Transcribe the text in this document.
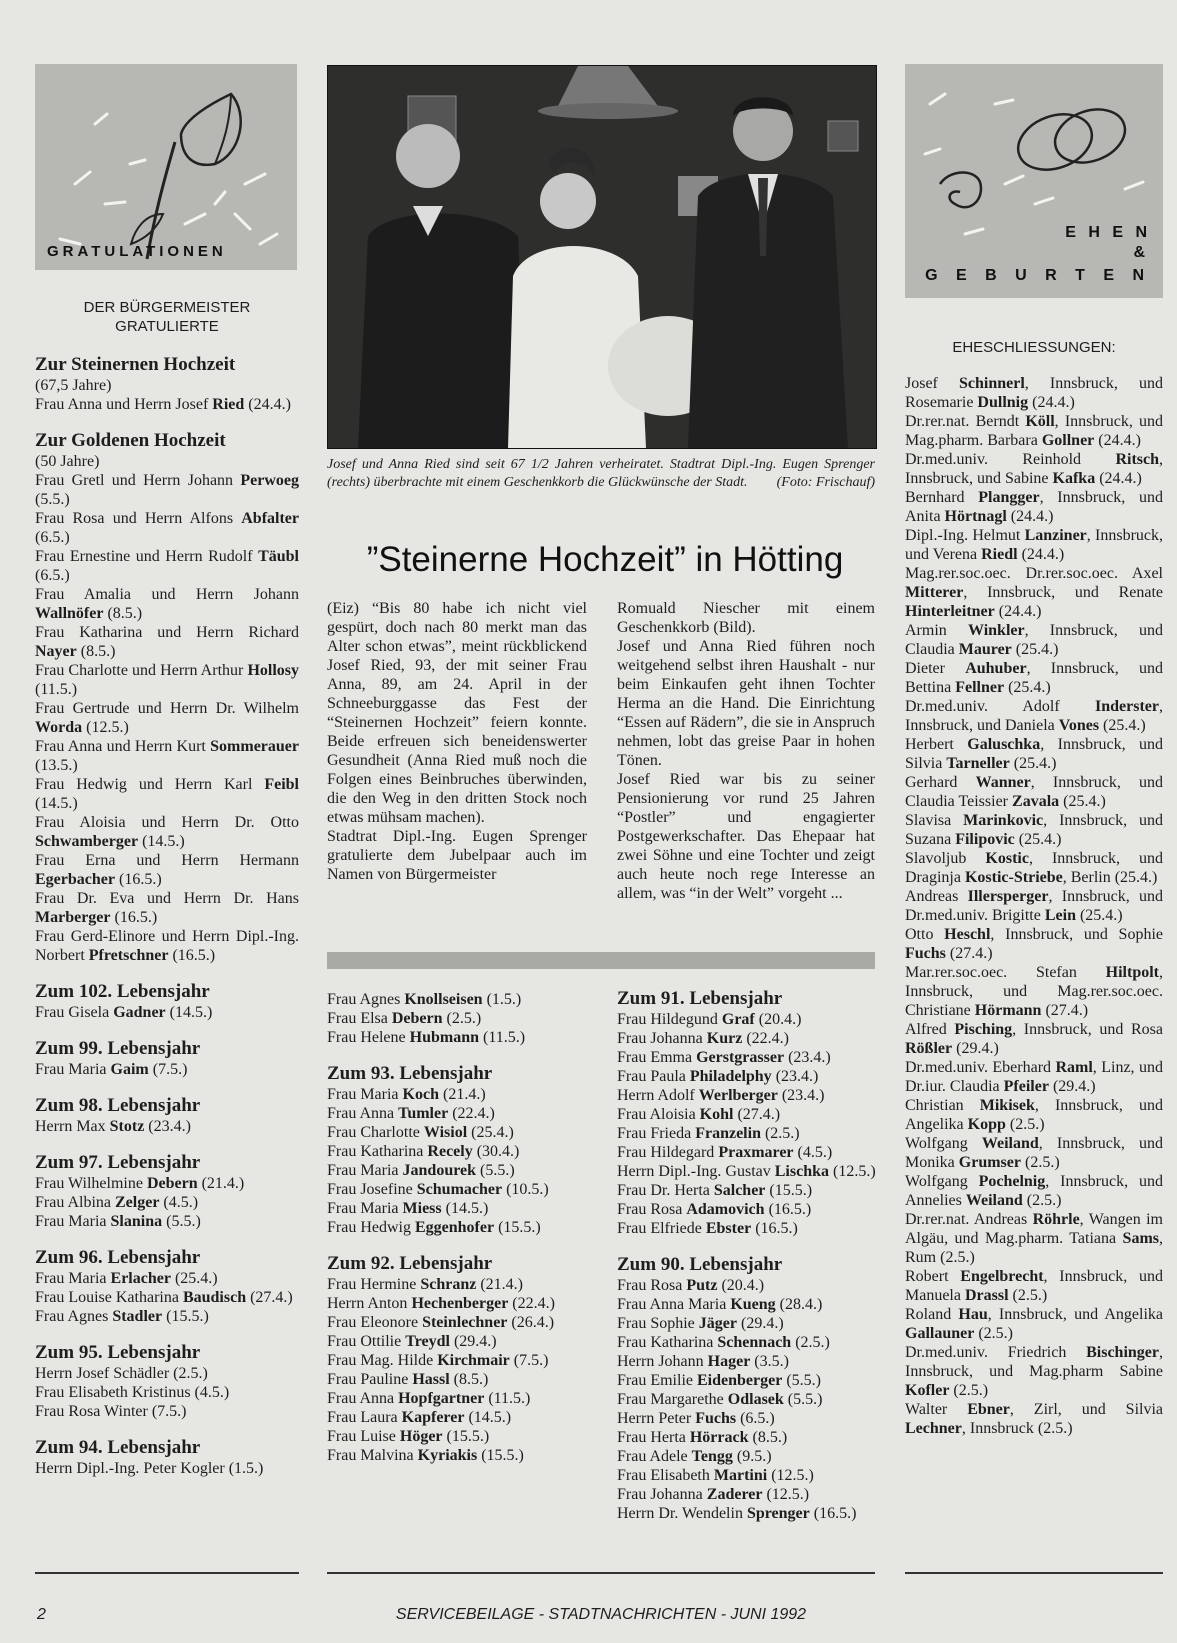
GRATULATIONEN
E H E N
&
G E B U R T E N
Josef und Anna Ried sind seit 67 1/2 Jahren verheiratet. Stadtrat Dipl.-Ing. Eugen Sprenger (rechts) überbrachte mit einem Geschenkkorb die Glückwünsche der Stadt. (Foto: Frischauf)
”Steinerne Hochzeit” in Hötting

(Eiz) “Bis 80 habe ich nicht viel gespürt, doch nach 80 merkt man das Alter schon etwas”, meint rückblickend Josef Ried, 93, der mit seiner Frau Anna, 89, am 24. April in der Schneeburggasse das Fest der “Steinernen Hochzeit” feiern konnte. Beide erfreuen sich beneidenswerter Gesundheit (Anna Ried muß noch die Folgen eines Beinbruches überwinden, die den Weg in den dritten Stock noch etwas mühsam machen).

Stadtrat Dipl.-Ing. Eugen Sprenger gratulierte dem Jubelpaar auch im Namen von Bürgermeister

Romuald Niescher mit einem Geschenkkorb (Bild).

Josef und Anna Ried führen noch weitgehend selbst ihren Haushalt - nur beim Einkaufen geht ihnen Tochter Herma an die Hand. Die Einrichtung “Essen auf Rädern”, die sie in Anspruch nehmen, lobt das greise Paar in hohen Tönen.

Josef Ried war bis zu seiner Pensionierung vor rund 25 Jahren “Postler” und engagierter Postgewerkschafter. Das Ehepaar hat zwei Söhne und eine Tochter und zeigt auch heute noch rege Interesse an allem, was “in der Welt” vorgeht ...

DER BÜRGERMEISTER
GRATULIERTE

Zur Steinernen Hochzeit

(67,5 Jahre)

Frau Anna und Herrn Josef Ried (24.4.)

Zur Goldenen Hochzeit

(50 Jahre)

Frau Gretl und Herrn Johann Perwoeg (5.5.)

Frau Rosa und Herrn Alfons Abfalter (6.5.)

Frau Ernestine und Herrn Rudolf Täubl (6.5.)

Frau Amalia und Herrn Johann Wallnöfer (8.5.)

Frau Katharina und Herrn Richard Nayer (8.5.)

Frau Charlotte und Herrn Arthur Hollosy (11.5.)

Frau Gertrude und Herrn Dr. Wilhelm Worda (12.5.)

Frau Anna und Herrn Kurt Sommerauer (13.5.)

Frau Hedwig und Herrn Karl Feibl (14.5.)

Frau Aloisia und Herrn Dr. Otto Schwamberger (14.5.)

Frau Erna und Herrn Hermann Egerbacher (16.5.)

Frau Dr. Eva und Herrn Dr. Hans Marberger (16.5.)

Frau Gerd-Elinore und Herrn Dipl.-Ing. Norbert Pfretschner (16.5.)

Zum 102. Lebensjahr

Frau Gisela Gadner (14.5.)

Zum 99. Lebensjahr

Frau Maria Gaim (7.5.)

Zum 98. Lebensjahr

Herrn Max Stotz (23.4.)

Zum 97. Lebensjahr

Frau Wilhelmine Debern (21.4.)

Frau Albina Zelger (4.5.)

Frau Maria Slanina (5.5.)

Zum 96. Lebensjahr

Frau Maria Erlacher (25.4.)

Frau Louise Katharina Baudisch (27.4.)

Frau Agnes Stadler (15.5.)

Zum 95. Lebensjahr

Herrn Josef Schädler (2.5.)

Frau Elisabeth Kristinus (4.5.)

Frau Rosa Winter (7.5.)

Zum 94. Lebensjahr

Herrn Dipl.-Ing. Peter Kogler (1.5.)

Frau Agnes Knollseisen (1.5.)

Frau Elsa Debern (2.5.)

Frau Helene Hubmann (11.5.)

Zum 93. Lebensjahr

Frau Maria Koch (21.4.)

Frau Anna Tumler (22.4.)

Frau Charlotte Wisiol (25.4.)

Frau Katharina Recely (30.4.)

Frau Maria Jandourek (5.5.)

Frau Josefine Schumacher (10.5.)

Frau Maria Miess (14.5.)

Frau Hedwig Eggenhofer (15.5.)

Zum 92. Lebensjahr

Frau Hermine Schranz (21.4.)

Herrn Anton Hechenberger (22.4.)

Frau Eleonore Steinlechner (26.4.)

Frau Ottilie Treydl (29.4.)

Frau Mag. Hilde Kirchmair (7.5.)

Frau Pauline Hassl (8.5.)

Frau Anna Hopfgartner (11.5.)

Frau Laura Kapferer (14.5.)

Frau Luise Höger (15.5.)

Frau Malvina Kyriakis (15.5.)

Zum 91. Lebensjahr

Frau Hildegund Graf (20.4.)

Frau Johanna Kurz (22.4.)

Frau Emma Gerstgrasser (23.4.)

Frau Paula Philadelphy (23.4.)

Herrn Adolf Werlberger (23.4.)

Frau Aloisia Kohl (27.4.)

Frau Frieda Franzelin (2.5.)

Frau Hildegard Praxmarer (4.5.)

Herrn Dipl.-Ing. Gustav Lischka (12.5.)

Frau Dr. Herta Salcher (15.5.)

Frau Rosa Adamovich (16.5.)

Frau Elfriede Ebster (16.5.)

Zum 90. Lebensjahr

Frau Rosa Putz (20.4.)

Frau Anna Maria Kueng (28.4.)

Frau Sophie Jäger (29.4.)

Frau Katharina Schennach (2.5.)

Herrn Johann Hager (3.5.)

Frau Emilie Eidenberger (5.5.)

Frau Margarethe Odlasek (5.5.)

Herrn Peter Fuchs (6.5.)

Frau Herta Hörrack (8.5.)

Frau Adele Tengg (9.5.)

Frau Elisabeth Martini (12.5.)

Frau Johanna Zaderer (12.5.)

Herrn Dr. Wendelin Sprenger (16.5.)

EHESCHLIESSUNGEN:

Josef Schinnerl, Innsbruck, und Rosemarie Dullnig (24.4.)

Dr.rer.nat. Berndt Köll, Innsbruck, und Mag.pharm. Barbara Gollner (24.4.)

Dr.med.univ. Reinhold Ritsch, Innsbruck, und Sabine Kafka (24.4.)

Bernhard Plangger, Innsbruck, und Anita Hörtnagl (24.4.)

Dipl.-Ing. Helmut Lanziner, Innsbruck, und Verena Riedl (24.4.)

Mag.rer.soc.oec. Dr.rer.soc.oec. Axel Mitterer, Innsbruck, und Renate Hinterleitner (24.4.)

Armin Winkler, Innsbruck, und Claudia Maurer (25.4.)

Dieter Auhuber, Innsbruck, und Bettina Fellner (25.4.)

Dr.med.univ. Adolf Inderster, Innsbruck, und Daniela Vones (25.4.)

Herbert Galuschka, Innsbruck, und Silvia Tarneller (25.4.)

Gerhard Wanner, Innsbruck, und Claudia Teissier Zavala (25.4.)

Slavisa Marinkovic, Innsbruck, und Suzana Filipovic (25.4.)

Slavoljub Kostic, Innsbruck, und Draginja Kostic-Striebe, Berlin (25.4.)

Andreas Illersperger, Innsbruck, und Dr.med.univ. Brigitte Lein (25.4.)

Otto Heschl, Innsbruck, und Sophie Fuchs (27.4.)

Mar.rer.soc.oec. Stefan Hiltpolt, Innsbruck, und Mag.rer.soc.oec. Christiane Hörmann (27.4.)

Alfred Pisching, Innsbruck, und Rosa Rößler (29.4.)

Dr.med.univ. Eberhard Raml, Linz, und Dr.iur. Claudia Pfeiler (29.4.)

Christian Mikisek, Innsbruck, und Angelika Kopp (2.5.)

Wolfgang Weiland, Innsbruck, und Monika Grumser (2.5.)

Wolfgang Pochelnig, Innsbruck, und Annelies Weiland (2.5.)

Dr.rer.nat. Andreas Röhrle, Wangen im Algäu, und Mag.pharm. Tatiana Sams, Rum (2.5.)

Robert Engelbrecht, Innsbruck, und Manuela Drassl (2.5.)

Roland Hau, Innsbruck, und Angelika Gallauner (2.5.)

Dr.med.univ. Friedrich Bischinger, Innsbruck, und Mag.pharm Sabine Kofler (2.5.)

Walter Ebner, Zirl, und Silvia Lechner, Innsbruck (2.5.)

2	SERVICEBEILAGE - STADTNACHRICHTEN - JUNI 1992
